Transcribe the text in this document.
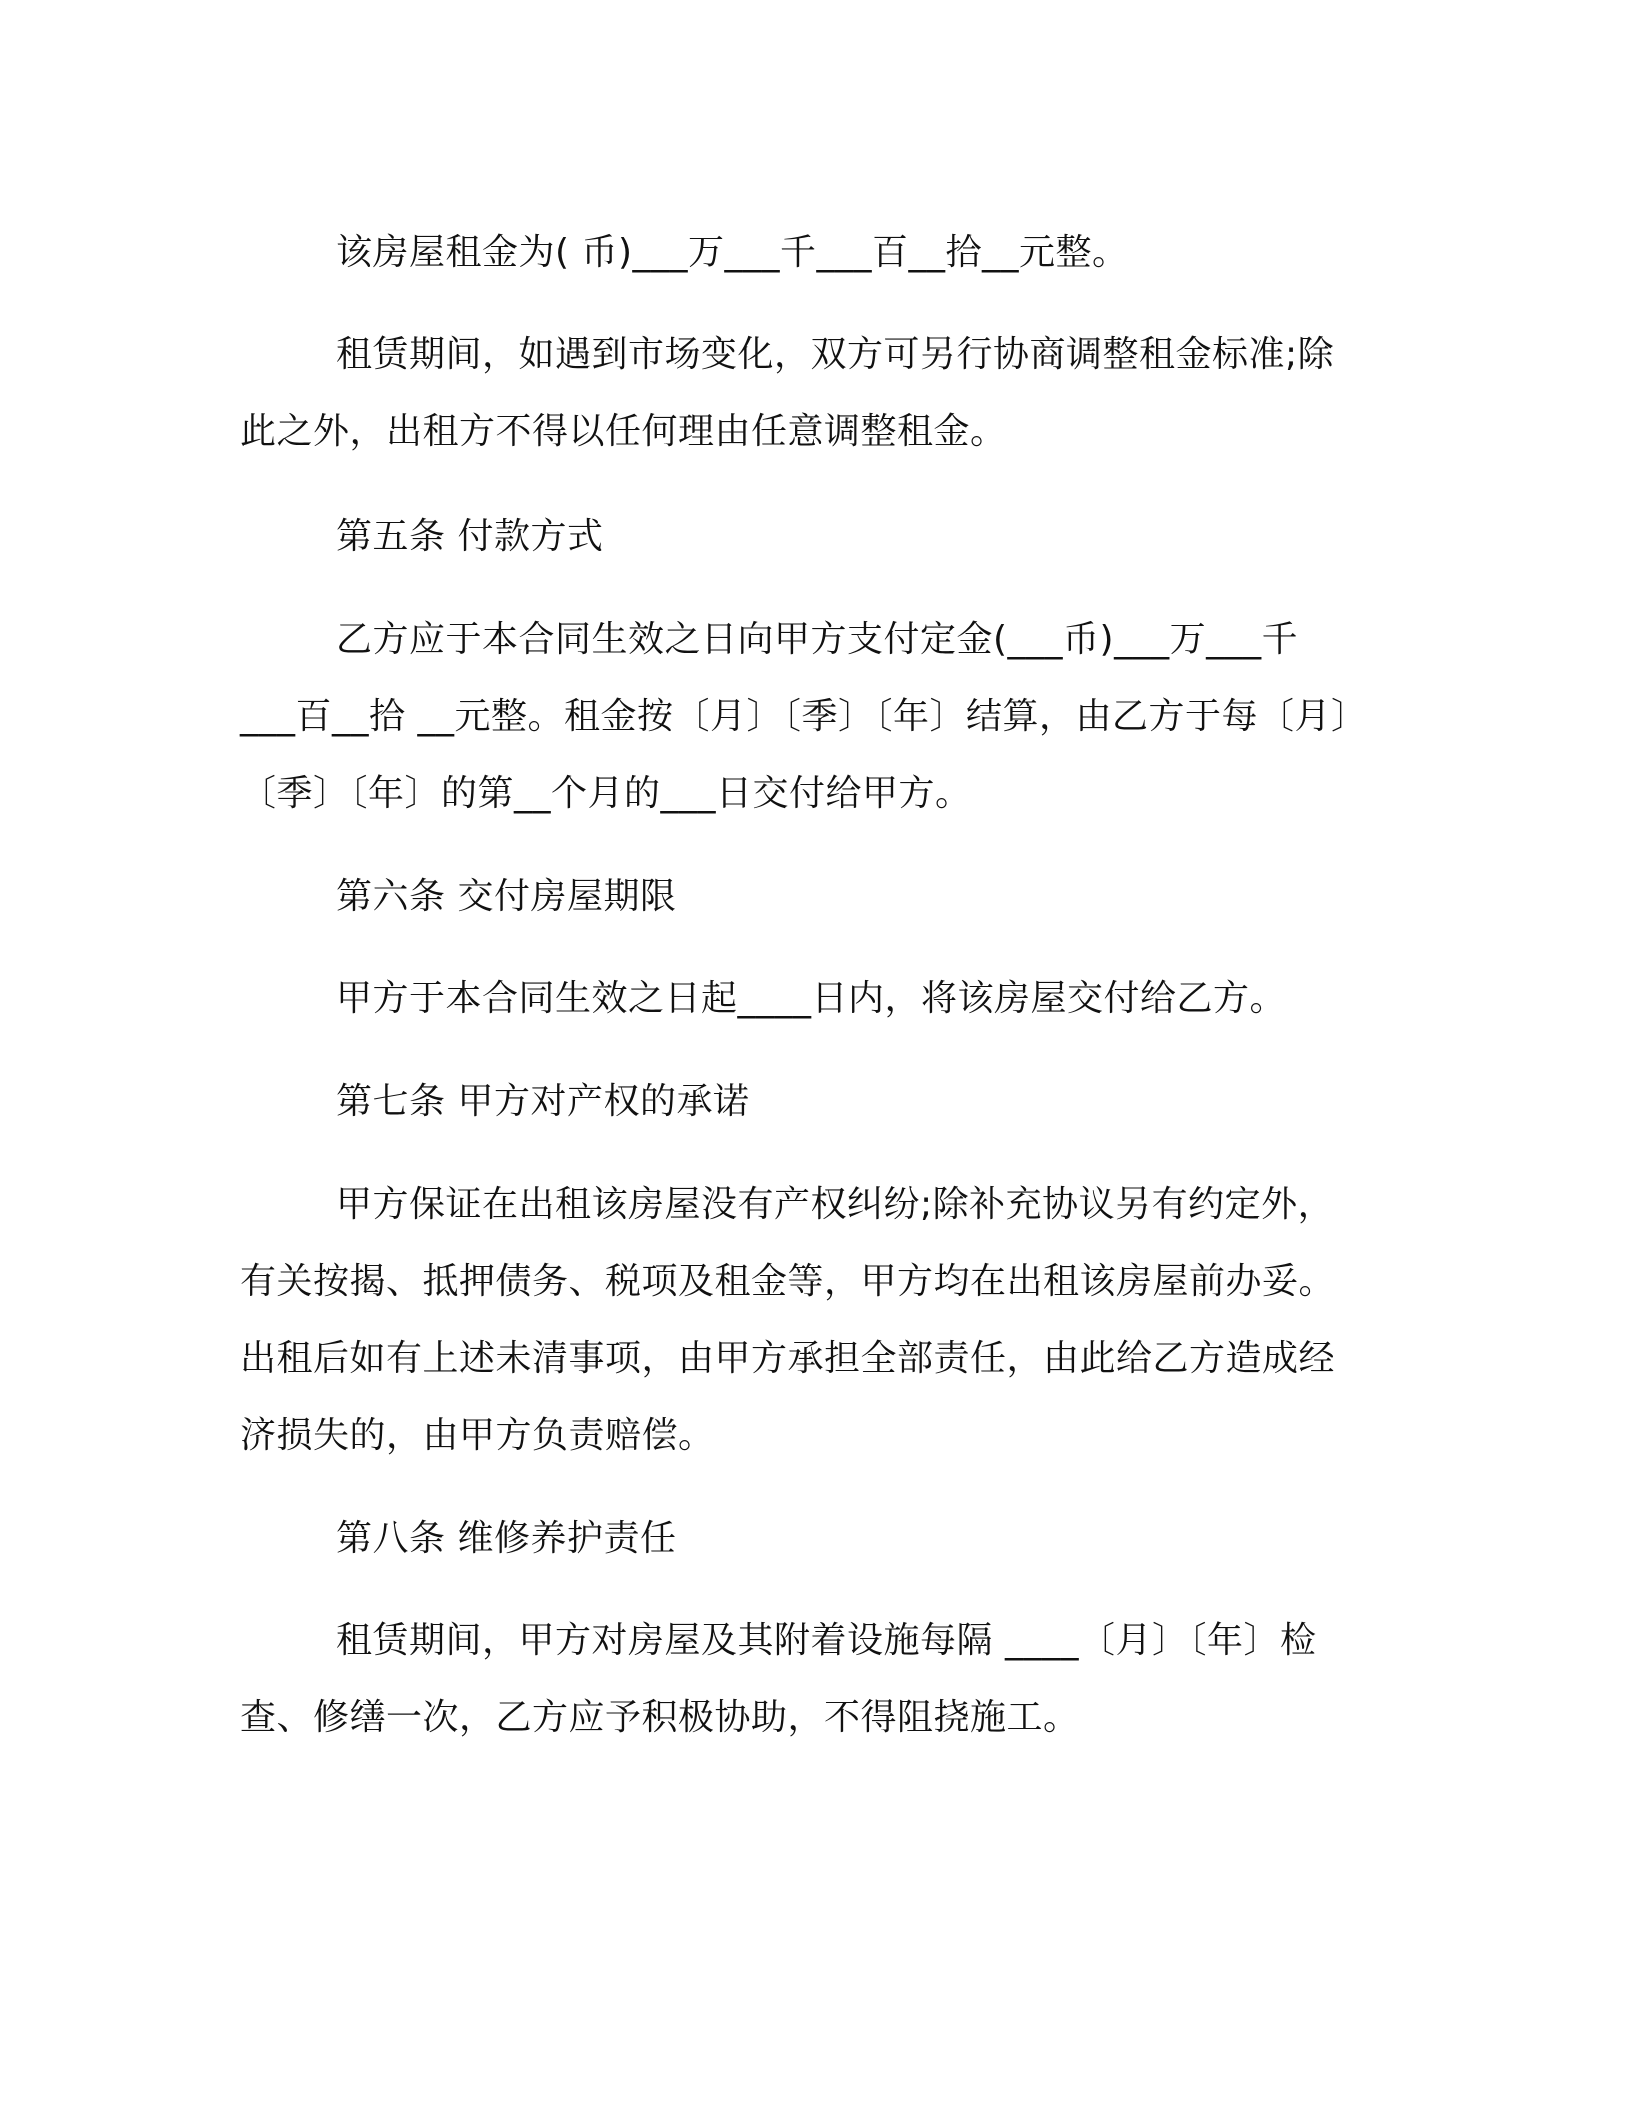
该房屋租金为( 币)___万___千___百__拾__元整。

租赁期间，如遇到市场变化，双方可另行协商调整租金标准;除此之外，出租方不得以任何理由任意调整租金。

第五条 付款方式

乙方应于本合同生效之日向甲方支付定金(___币)___万___千___百__拾 __元整。租金按〔月〕〔季〕〔年〕结算，由乙方于每〔月〕〔季〕〔年〕的第__个月的___日交付给甲方。

第六条 交付房屋期限

甲方于本合同生效之日起____日内，将该房屋交付给乙方。

第七条 甲方对产权的承诺

甲方保证在出租该房屋没有产权纠纷;除补充协议另有约定外，有关按揭、抵押债务、税项及租金等，甲方均在出租该房屋前办妥。出租后如有上述未清事项，由甲方承担全部责任，由此给乙方造成经济损失的，由甲方负责赔偿。

第八条 维修养护责任

租赁期间，甲方对房屋及其附着设施每隔 ____〔月〕〔年〕检查、修缮一次，乙方应予积极协助，不得阻挠施工。
